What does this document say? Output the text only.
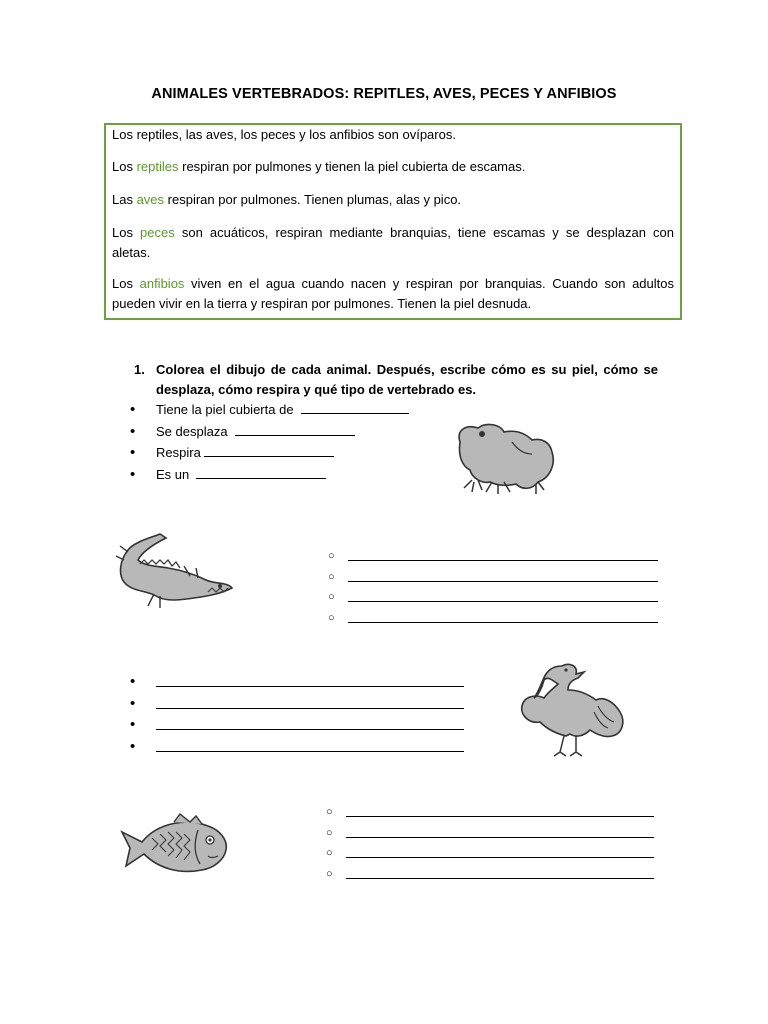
ANIMALES VERTEBRADOS: REPITLES, AVES, PECES Y ANFIBIOS

Los reptiles, las aves, los peces y los anfibios son ovíparos.

Los reptiles respiran por pulmones y tienen la piel cubierta de escamas.

Las aves respiran por pulmones. Tienen plumas, alas y pico.

Los peces son acuáticos, respiran mediante branquias, tiene escamas y se desplazan con aletas.

Los anfibios viven en el agua cuando nacen y respiran por branquias. Cuando son adultos pueden vivir en la tierra y respiran por pulmones. Tienen la piel desnuda.

1. Colorea el dibujo de cada animal. Después, escribe cómo es su piel, cómo se desplaza, cómo respira y qué tipo de vertebrado es.
• Tiene la piel cubierta de
• Se desplaza
• Respira
• Es un
○
○
○
○
•
•
•
•
○
○
○
○
